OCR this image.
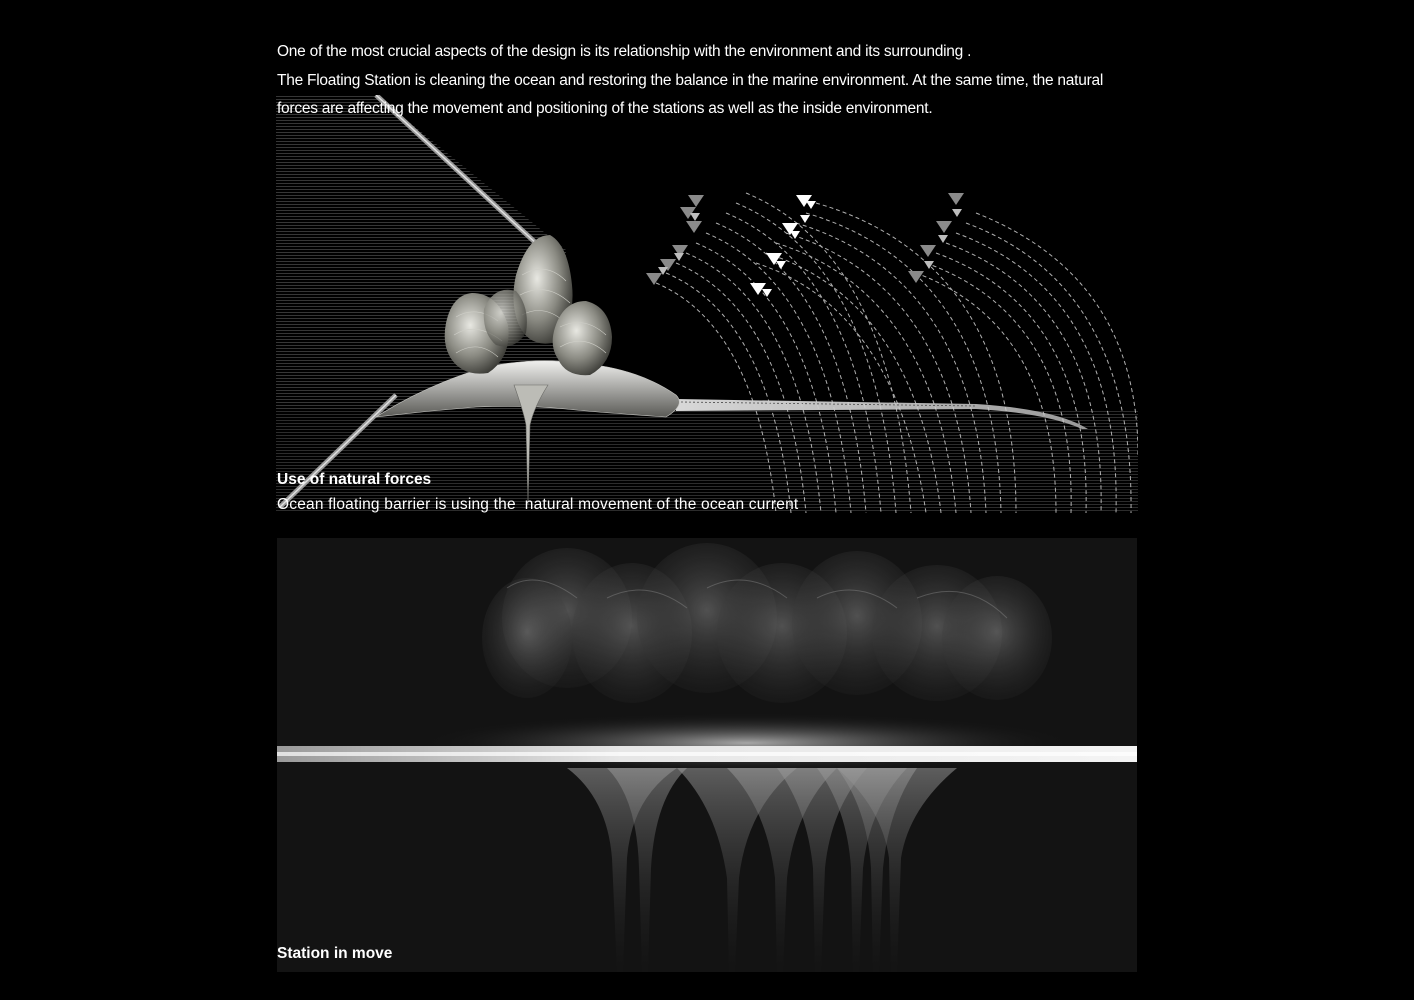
One of the most crucial aspects of the design is its relationship with the environment and its surrounding .

The Floating Station is cleaning the ocean and restoring the balance in the marine environment. At the same time, the natural

forces are affecting the movement and positioning of the stations as well as the inside environment.

Use of natural forces
Ocean floating barrier is using the  natural movement of the ocean current
Station in move
